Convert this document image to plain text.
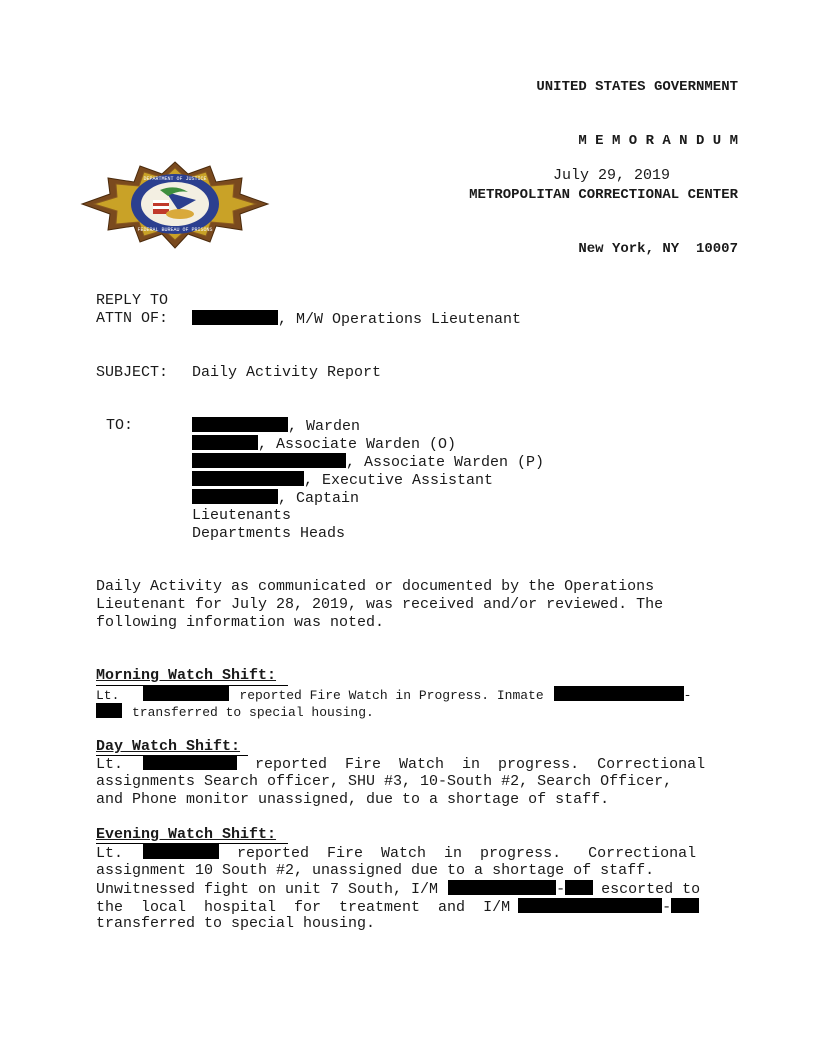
UNITED STATES GOVERNMENT

M E M O R A N D U M

METROPOLITAN CORRECTIONAL CENTER

New York, NY  10007

DEPARTMENT OF JUSTICE
FEDERAL BUREAU OF PRISONS
July 29, 2019
REPLY TO
ATTN OF:	, M/W Operations Lieutenant
SUBJECT: Daily Activity Report
TO:	, Warden
, Associate Warden (O)
, Associate Warden (P)
, Executive Assistant
, Captain
Lieutenants
Departments Heads
Daily Activity as communicated or documented by the Operations
Lieutenant for July 28, 2019, was received and/or reviewed. The
following information was noted.
Morning Watch Shift:
Lt.	reported Fire Watch in Progress. Inmate	-
transferred to special housing.
Day Watch Shift:
Lt.	reported  Fire  Watch  in  progress.  Correctional
assignments Search officer, SHU #3, 10-South #2, Search Officer,
and Phone monitor unassigned, due to a shortage of staff.
Evening Watch Shift:
Lt.	reported  Fire  Watch  in  progress.   Correctional
assignment 10 South #2, unassigned due to a shortage of staff.
Unwitnessed fight on unit 7 South, I/M	- escorted to
the  local  hospital  for  treatment  and  I/M	-
transferred to special housing.
